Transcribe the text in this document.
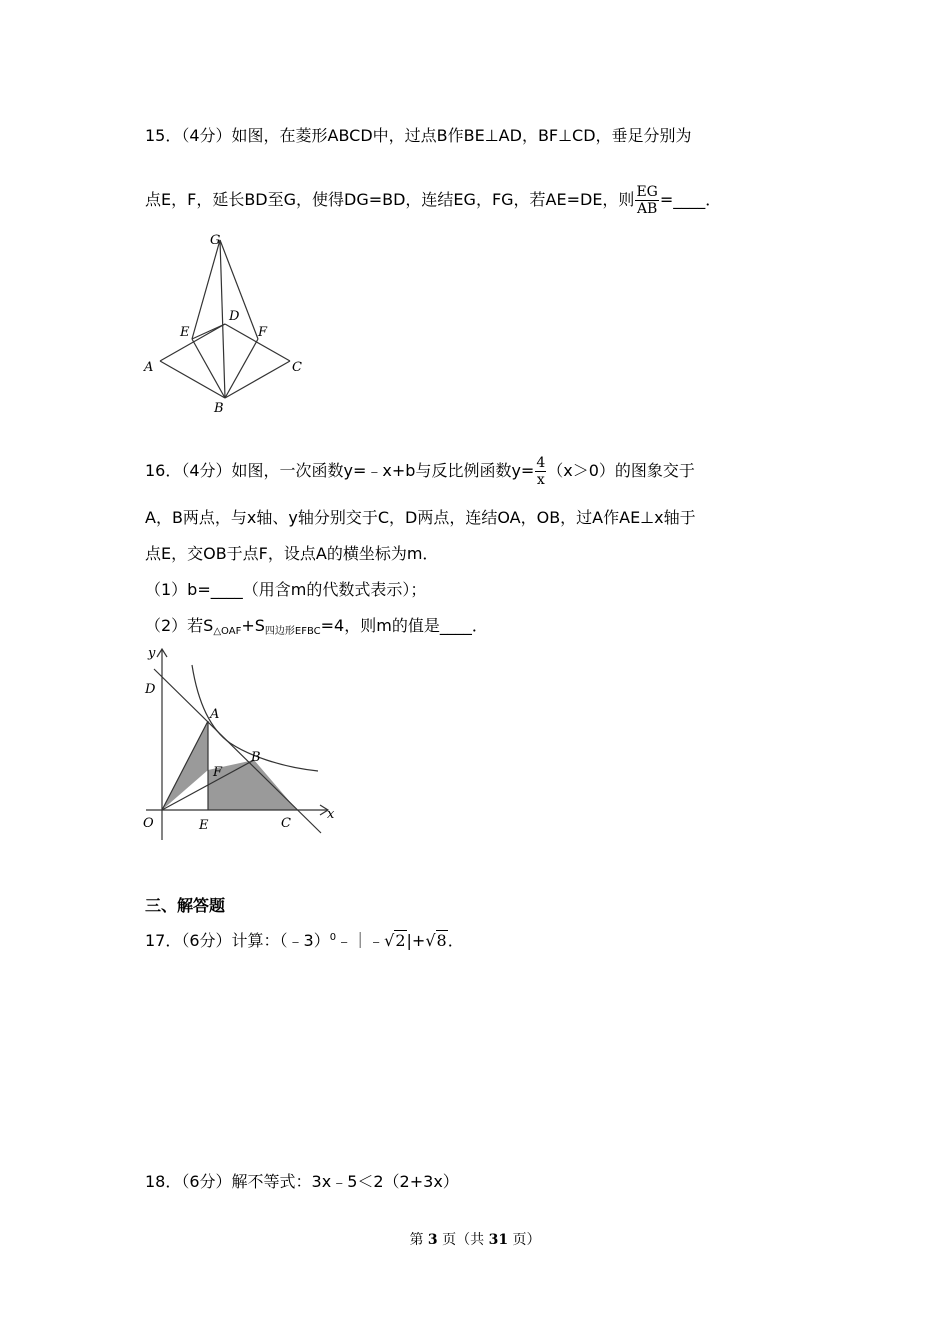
15．（4分）如图，在菱形ABCD中，过点B作BE⊥AD，BF⊥CD，垂足分别为
点E，F，延长BD至G，使得DG=BD，连结EG，FG，若AE=DE，则 $\frac{EG}{AB}$ =____．
G
D
E	F
A	C
B
16．（4分）如图，一次函数y=﹣x+b与反比例函数$y= \frac{4}{x} (x>0)$的图象交于
A，B两点，与x轴、y轴分别交于C，D两点，连结OA，OB，过A作AE⊥x轴于
点E，交OB于点F，设点A的横坐标为m．
（1）b=____（用含m的代数式表示）；
（2）若$S_{\triangle OAF}+S_{四边形EFBC}=4$，则m的值是____．
y
D
A
B
F
O	E	C
x
三、解答题
17．（6分）计算：（﹣3）$^0$﹣｜﹣√2|+√8．
18．（6分）解不等式：3x﹣5＜2（2+3x）
第 3 页（共 31 页）
